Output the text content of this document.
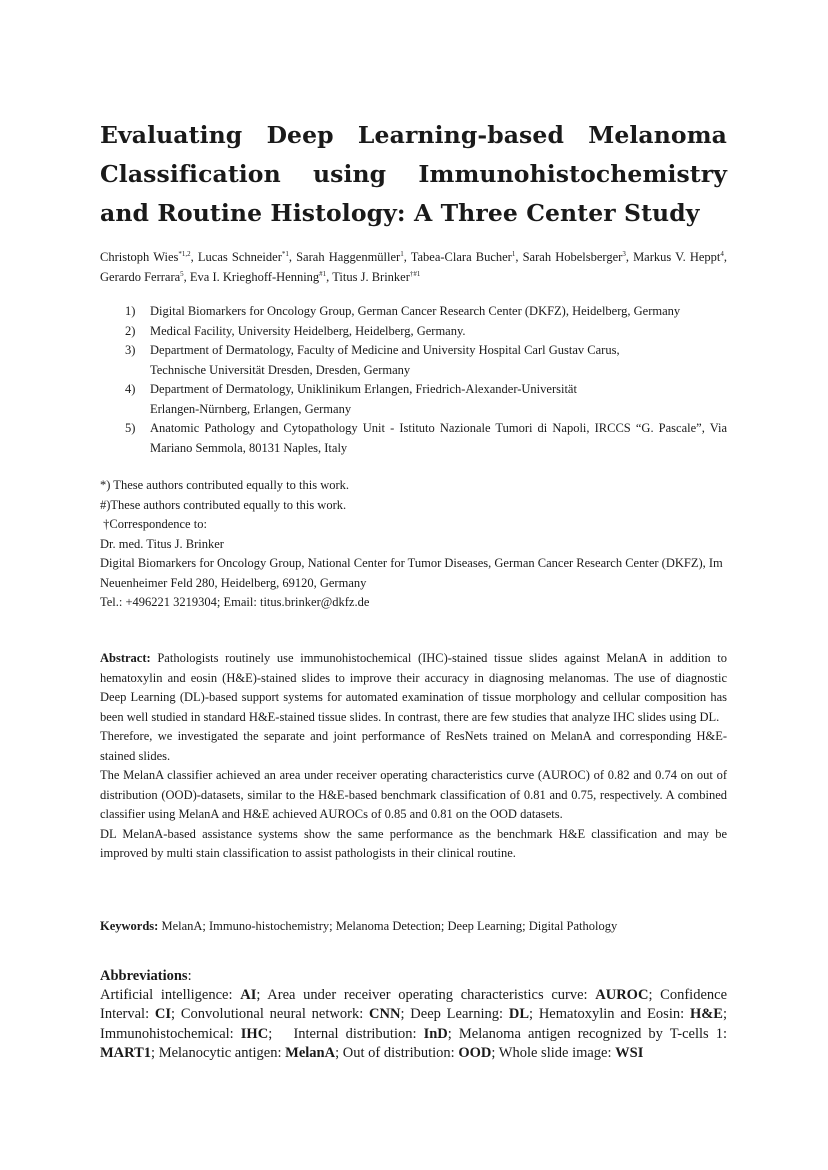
Evaluating Deep Learning-based Melanoma Classification using Immunohistochemistry and Routine Histology: A Three Center Study

Christoph Wies$^{*1,2}$, Lucas Schneider$^{*1}$, Sarah Haggenmüller$^1$, Tabea-Clara Bucher$^1$, Sarah Hobelsberger$^3$, Markus V. Heppt$^4$, Gerardo Ferrara$^5$, Eva I. Krieghoff-Henning$^{\#1}$, Titus J. Brinker$^{\dagger\#1}$

1) Digital Biomarkers for Oncology Group, German Cancer Research Center (DKFZ), Heidelberg, Germany
2) Medical Facility, University Heidelberg, Heidelberg, Germany.
3) Department of Dermatology, Faculty of Medicine and University Hospital Carl Gustav Carus,
Technische Universität Dresden, Dresden, Germany
4) Department of Dermatology, Uniklinikum Erlangen, Friedrich-Alexander-Universität
Erlangen-Nürnberg, Erlangen, Germany
5) Anatomic Pathology and Cytopathology Unit - Istituto Nazionale Tumori di Napoli, IRCCS “G. Pascale”, Via Mariano Semmola, 80131 Naples, Italy

*) These authors contributed equally to this work.

#)These authors contributed equally to this work.

†Correspondence to:

Dr. med. Titus J. Brinker

Digital Biomarkers for Oncology Group, National Center for Tumor Diseases, German Cancer Research Center (DKFZ), Im Neuenheimer Feld 280, Heidelberg, 69120, Germany

Tel.: +496221 3219304; Email: titus.brinker@dkfz.de

Abstract: Pathologists routinely use immunohistochemical (IHC)-stained tissue slides against MelanA in addition to hematoxylin and eosin (H&E)-stained slides to improve their accuracy in diagnosing melanomas. The use of diagnostic Deep Learning (DL)-based support systems for automated examination of tissue morphology and cellular composition has been well studied in standard H&E-stained tissue slides. In contrast, there are few studies that analyze IHC slides using DL.

Therefore, we investigated the separate and joint performance of ResNets trained on MelanA and corresponding H&E-stained slides.

The MelanA classifier achieved an area under receiver operating characteristics curve (AUROC) of 0.82 and 0.74 on out of distribution (OOD)-datasets, similar to the H&E-based benchmark classification of 0.81 and 0.75, respectively. A combined classifier using MelanA and H&E achieved AUROCs of 0.85 and 0.81 on the OOD datasets.

DL MelanA-based assistance systems show the same performance as the benchmark H&E classification and may be improved by multi stain classification to assist pathologists in their clinical routine.

Keywords: MelanA; Immuno-histochemistry; Melanoma Detection; Deep Learning; Digital Pathology

Abbreviations:

Artificial intelligence: AI; Area under receiver operating characteristics curve: AUROC; Confidence Interval: CI; Convolutional neural network: CNN; Deep Learning: DL; Hematoxylin and Eosin: H&E; Immunohistochemical: IHC;   Internal distribution: InD; Melanoma antigen recognized by T-cells 1: MART1; Melanocytic antigen: MelanA; Out of distribution: OOD; Whole slide image: WSI
